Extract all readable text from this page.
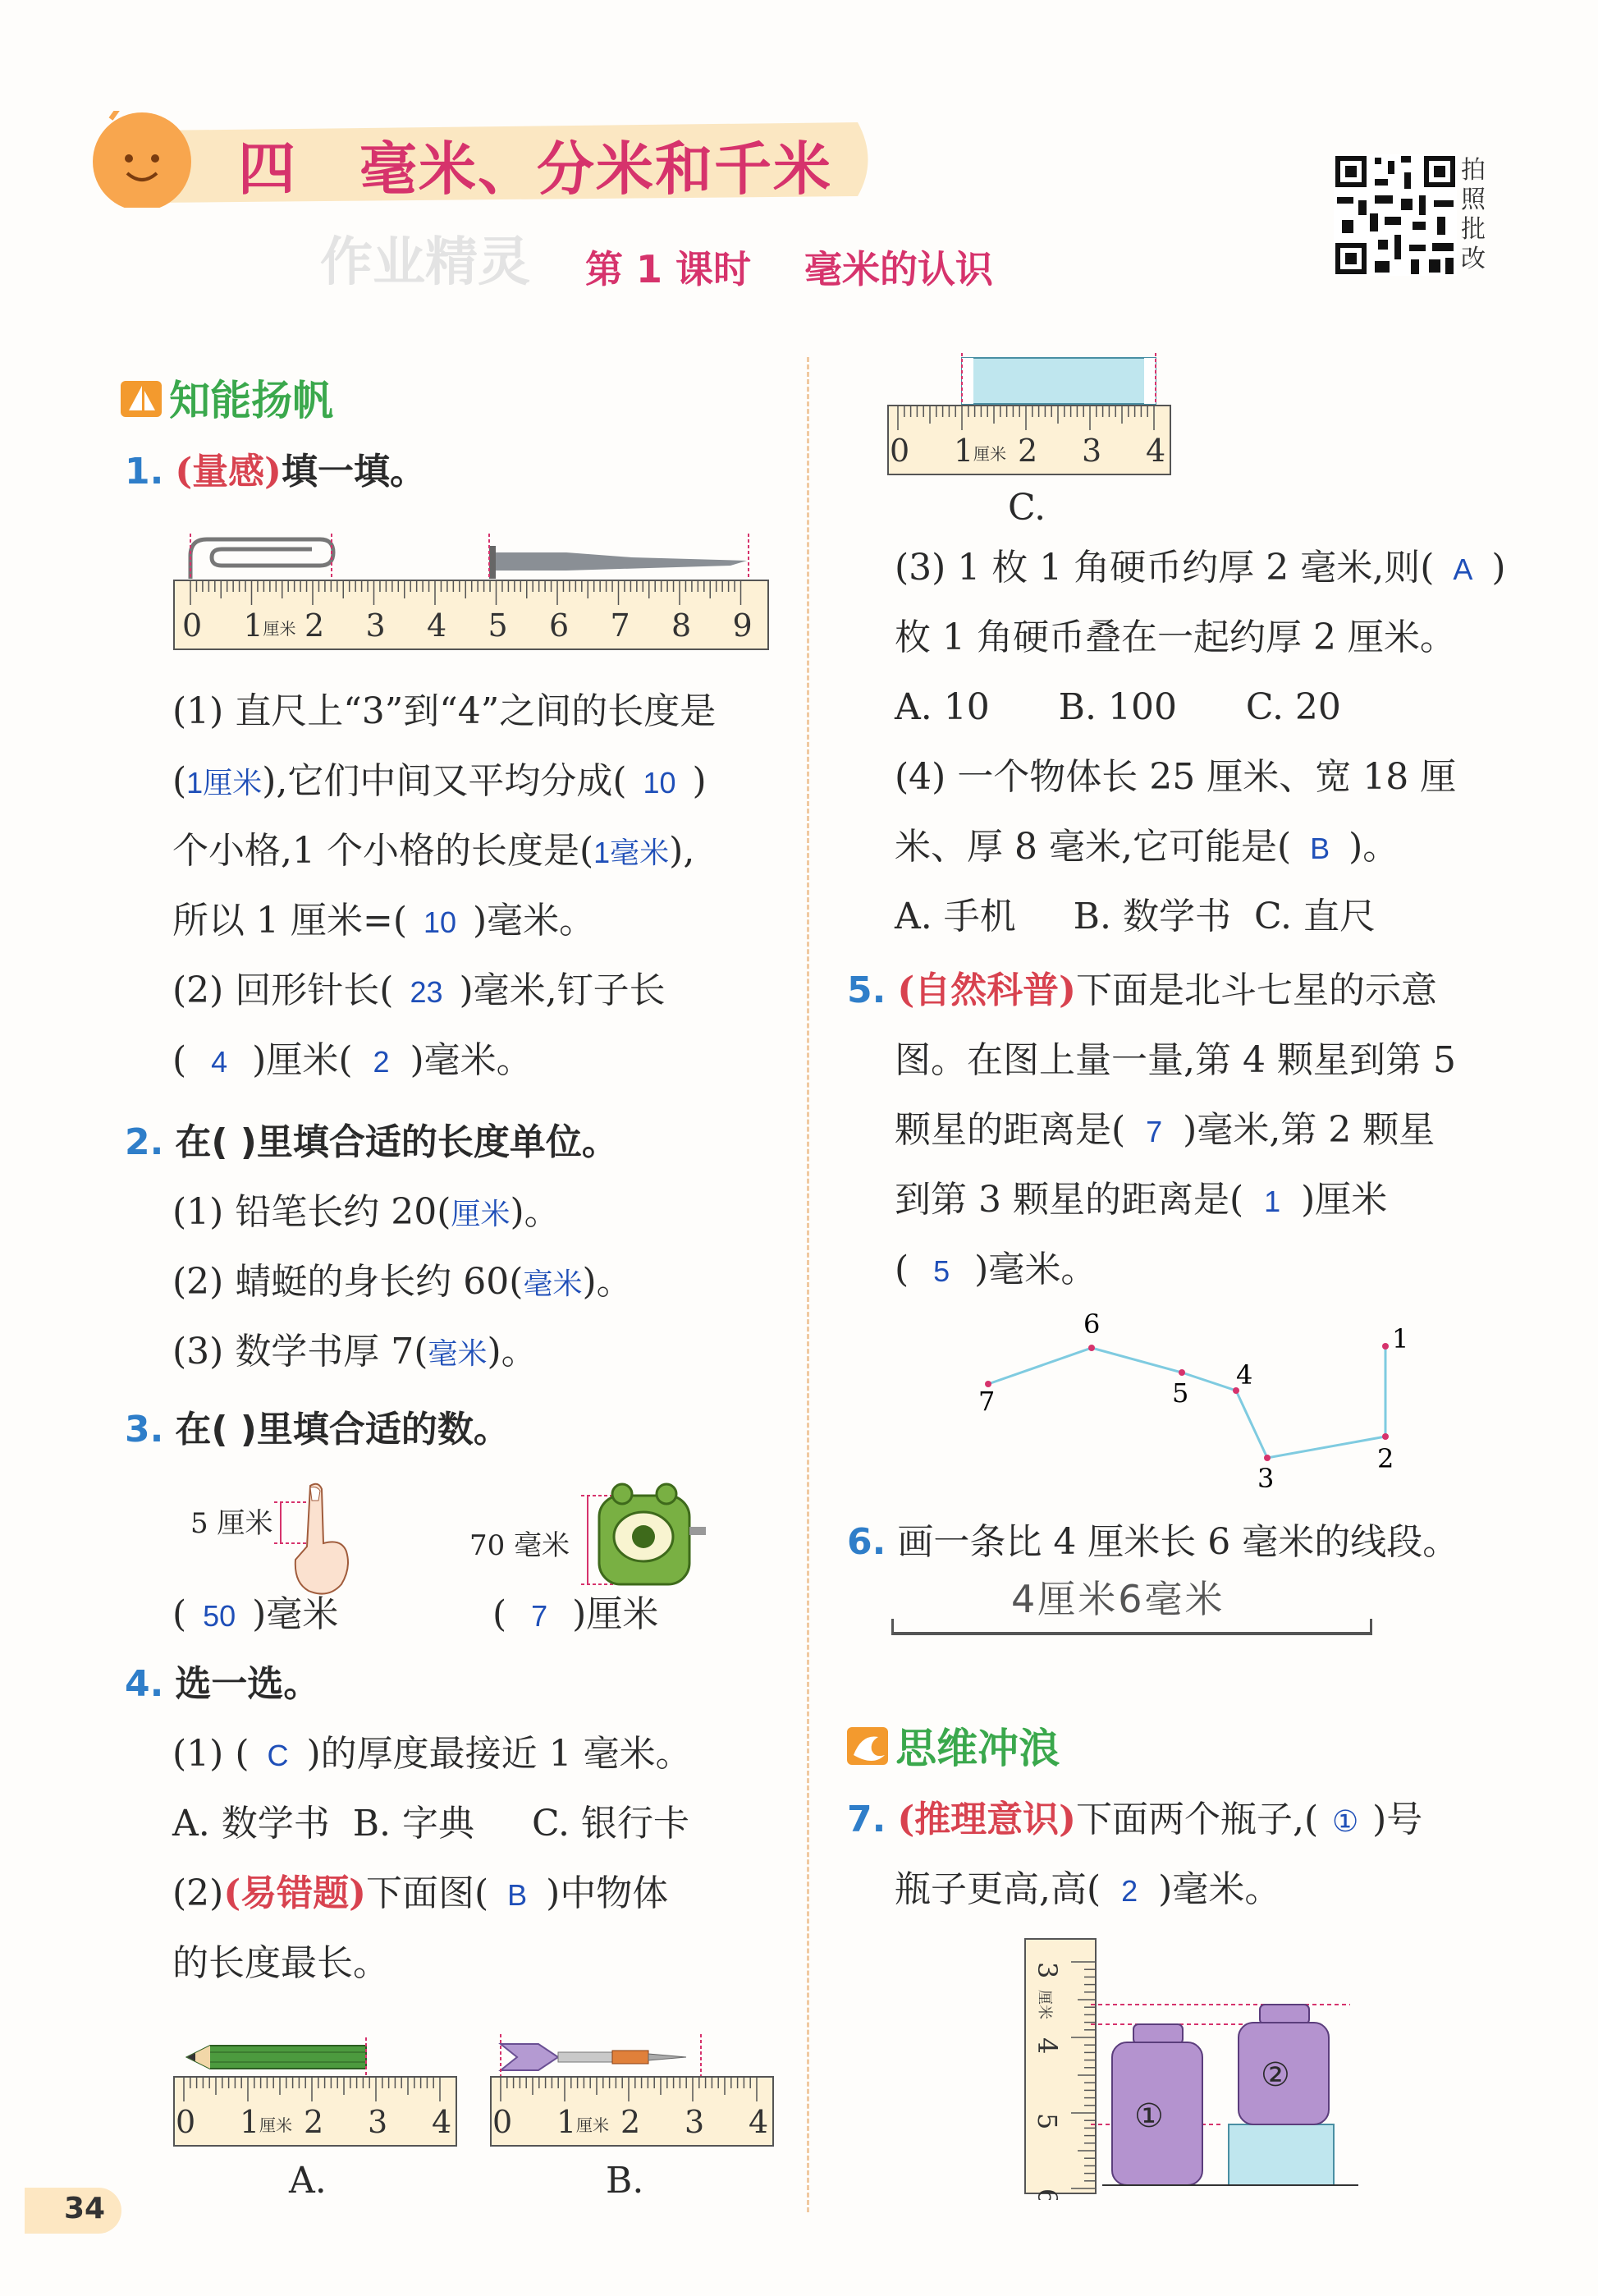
四 毫米、分米和千米
作业精灵 第 1 课时 毫米的认识
拍
照
批
改
知能扬帆
1. (量感)填一填。
0 1 厘米 2 3 4 5 6 7 8 9
(1) 直尺上“3”到“4”之间的长度是
(1厘米),它们中间又平均分成( 10 )
个小格,1 个小格的长度是(1毫米),
所以 1 厘米=( 10 )毫米。
(2) 回形针长( 23 )毫米,钉子长
( 4 )厘米( 2 )毫米。
2. 在( )里填合适的长度单位。
(1) 铅笔长约 20(厘米)。
(2) 蜻蜓的身长约 60(毫米)。
(3) 数学书厚 7(毫米)。
3. 在( )里填合适的数。
5 厘米
70 毫米
( 50 )毫米	( 7 )厘米
4. 选一选。
(1) ( C )的厚度最接近 1 毫米。
A. 数学书  B. 字典     C. 银行卡
(2)(易错题)下面图( B )中物体
的长度最长。
0 1 厘米 2 3 4
A.
0 1 厘米 2 3 4
B.
34
0 1 厘米 2 3 4
C.
(3) 1 枚 1 角硬币约厚 2 毫米,则( A )
枚 1 角硬币叠在一起约厚 2 厘米。
A. 10      B. 100      C. 20
(4) 一个物体长 25 厘米、宽 18 厘
米、厚 8 毫米,它可能是( B )。
A. 手机     B. 数学书  C. 直尺
5. (自然科普)下面是北斗七星的示意
图。在图上量一量,第 4 颗星到第 5
颗星的距离是( 7 )毫米,第 2 颗星
到第 3 颗星的距离是( 1 )厘米
( 5 )毫米。
7
6
5
4
3
2
1
6. 画一条比 4 厘米长 6 毫米的线段。
4厘米6毫米
思维冲浪
7. (推理意识)下面两个瓶子,( ① )号
瓶子更高,高( 2 )毫米。
3
厘米
4
5
6
①
②
